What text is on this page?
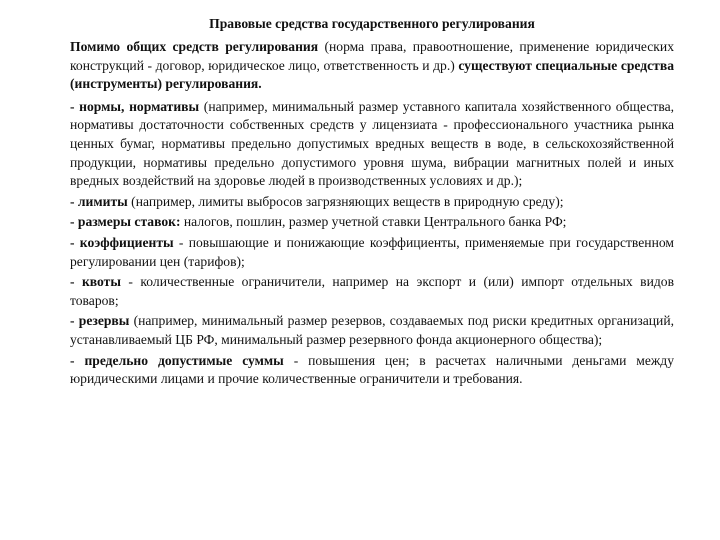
Правовые средства государственного регулирования

Помимо общих средств регулирования (норма права, правоотношение, применение юридических конструкций - договор, юридическое лицо, ответственность и др.) существуют специальные средства (инструменты) регулирования.

- нормы, нормативы (например, минимальный размер уставного капитала хозяйственного общества, нормативы достаточности собственных средств у лицензиата - профессионального участника рынка ценных бумаг, нормативы предельно допустимых вредных веществ в воде, в сельскохозяйственной продукции, нормативы предельно допустимого уровня шума, вибрации магнитных полей и иных вредных воздействий на здоровье людей в производственных условиях и др.);

- лимиты (например, лимиты выбросов загрязняющих веществ в природную среду);

- размеры ставок: налогов, пошлин, размер учетной ставки Центрального банка РФ;

- коэффициенты - повышающие и понижающие коэффициенты, применяемые при государственном регулировании цен (тарифов);

- квоты - количественные ограничители, например на экспорт и (или) импорт отдельных видов товаров;

- резервы (например, минимальный размер резервов, создаваемых под риски кредитных организаций, устанавливаемый ЦБ РФ, минимальный размер резервного фонда акционерного общества);

- предельно допустимые суммы - повышения цен; в расчетах наличными деньгами между юридическими лицами и прочие количественные ограничители и требования.
